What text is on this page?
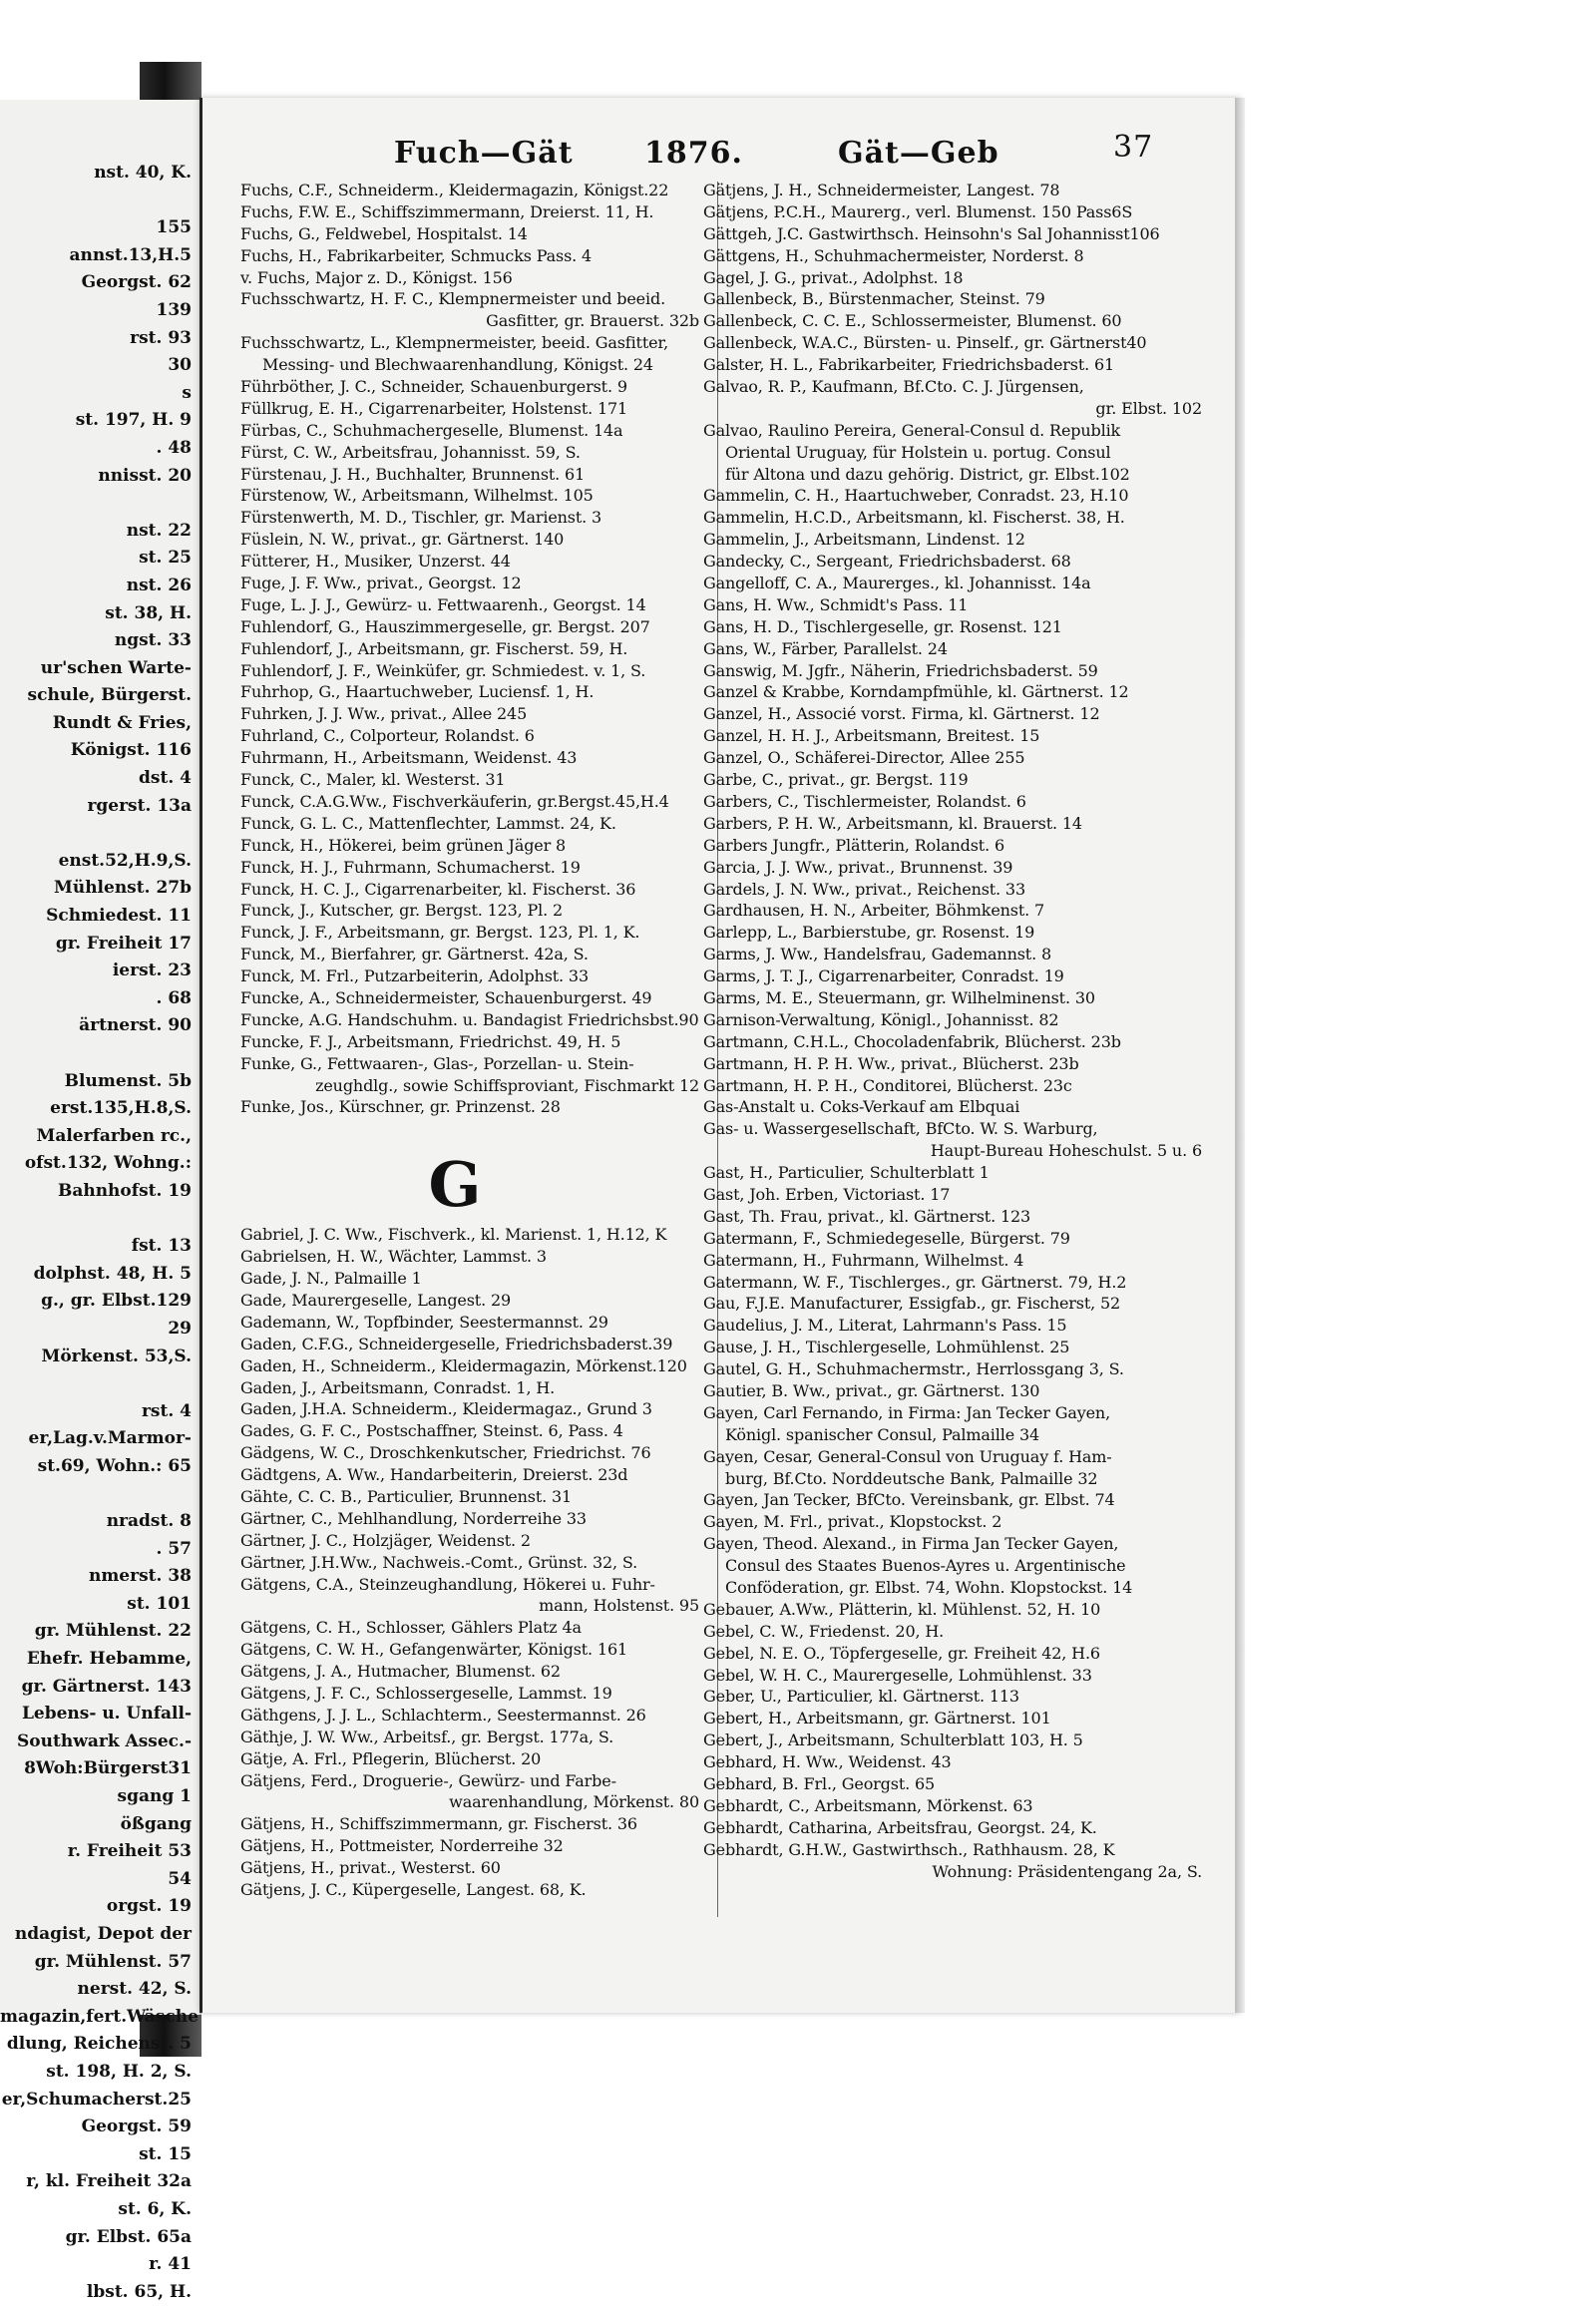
nst. 40, K.
155
annst.13,H.5
Georgst. 62
139
rst. 93
30
s
st. 197, H. 9
. 48
nnisst. 20
nst. 22
st. 25
nst. 26
st. 38, H.
ngst. 33
ur'schen Warte-
schule, Bürgerst.
Rundt & Fries,
Königst. 116
dst. 4
rgerst. 13a
enst.52,H.9,S.
Mühlenst. 27b
Schmiedest. 11
gr. Freiheit 17
ierst. 23
. 68
ärtnerst. 90
Blumenst. 5b
erst.135,H.8,S.
Malerfarben rc.,
ofst.132, Wohng.:
Bahnhofst. 19
fst. 13
dolphst. 48, H. 5
g., gr. Elbst.129
29
Mörkenst. 53,S.
rst. 4
er,Lag.v.Marmor-
st.69, Wohn.: 65
nradst. 8
. 57
nmerst. 38
st. 101
gr. Mühlenst. 22
Ehefr. Hebamme,
gr. Gärtnerst. 143
Lebens- u. Unfall-
Southwark Assec.-
8Woh:Bürgerst31
sgang 1
ößgang
r. Freiheit 53
54
orgst. 19
ndagist, Depot der
gr. Mühlenst. 57
nerst. 42, S.
magazin,fert.Wäsche
dlung, Reichenst. 5
st. 198, H. 2, S.
er,Schumacherst.25
Georgst. 59
st. 15
r, kl. Freiheit 32a
st. 6, K.
gr. Elbst. 65a
r. 41
lbst. 65, H.
Fuch—Gät 1876.	Gät—Geb	37
Fuchs, C.F., Schneiderm., Kleidermagazin, Königst.22
Fuchs, F.W. E., Schiffszimmermann, Dreierst. 11, H.
Fuchs, G., Feldwebel, Hospitalst. 14
Fuchs, H., Fabrikarbeiter, Schmucks Pass. 4
v. Fuchs, Major z. D., Königst. 156
Fuchsschwartz, H. F. C., Klempnermeister und beeid.
Gasfitter, gr. Brauerst. 32b
Fuchsschwartz, L., Klempnermeister, beeid. Gasfitter,
Messing- und Blechwaarenhandlung, Königst. 24
Führböther, J. C., Schneider, Schauenburgerst. 9
Füllkrug, E. H., Cigarrenarbeiter, Holstenst. 171
Fürbas, C., Schuhmachergeselle, Blumenst. 14a
Fürst, C. W., Arbeitsfrau, Johannisst. 59, S.
Fürstenau, J. H., Buchhalter, Brunnenst. 61
Fürstenow, W., Arbeitsmann, Wilhelmst. 105
Fürstenwerth, M. D., Tischler, gr. Marienst. 3
Füslein, N. W., privat., gr. Gärtnerst. 140
Fütterer, H., Musiker, Unzerst. 44
Fuge, J. F. Ww., privat., Georgst. 12
Fuge, L. J. J., Gewürz- u. Fettwaarenh., Georgst. 14
Fuhlendorf, G., Hauszimmergeselle, gr. Bergst. 207
Fuhlendorf, J., Arbeitsmann, gr. Fischerst. 59, H.
Fuhlendorf, J. F., Weinküfer, gr. Schmiedest. v. 1, S.
Fuhrhop, G., Haartuchweber, Luciensf. 1, H.
Fuhrken, J. J. Ww., privat., Allee 245
Fuhrland, C., Colporteur, Rolandst. 6
Fuhrmann, H., Arbeitsmann, Weidenst. 43
Funck, C., Maler, kl. Westerst. 31
Funck, C.A.G.Ww., Fischverkäuferin, gr.Bergst.45,H.4
Funck, G. L. C., Mattenflechter, Lammst. 24, K.
Funck, H., Hökerei, beim grünen Jäger 8
Funck, H. J., Fuhrmann, Schumacherst. 19
Funck, H. C. J., Cigarrenarbeiter, kl. Fischerst. 36
Funck, J., Kutscher, gr. Bergst. 123, Pl. 2
Funck, J. F., Arbeitsmann, gr. Bergst. 123, Pl. 1, K.
Funck, M., Bierfahrer, gr. Gärtnerst. 42a, S.
Funck, M. Frl., Putzarbeiterin, Adolphst. 33
Funcke, A., Schneidermeister, Schauenburgerst. 49
Funcke, A.G. Handschuhm. u. Bandagist Friedrichsbst.90
Funcke, F. J., Arbeitsmann, Friedrichst. 49, H. 5
Funke, G., Fettwaaren-, Glas-, Porzellan- u. Stein-
zeughdlg., sowie Schiffsproviant, Fischmarkt 12
Funke, Jos., Kürschner, gr. Prinzenst. 28
G
Gabriel, J. C. Ww., Fischverk., kl. Marienst. 1, H.12, K
Gabrielsen, H. W., Wächter, Lammst. 3
Gade, J. N., Palmaille 1
Gade, Maurergeselle, Langest. 29
Gademann, W., Topfbinder, Seestermannst. 29
Gaden, C.F.G., Schneidergeselle, Friedrichsbaderst.39
Gaden, H., Schneiderm., Kleidermagazin, Mörkenst.120
Gaden, J., Arbeitsmann, Conradst. 1, H.
Gaden, J.H.A. Schneiderm., Kleidermagaz., Grund 3
Gades, G. F. C., Postschaffner, Steinst. 6, Pass. 4
Gädgens, W. C., Droschkenkutscher, Friedrichst. 76
Gädtgens, A. Ww., Handarbeiterin, Dreierst. 23d
Gähte, C. C. B., Particulier, Brunnenst. 31
Gärtner, C., Mehlhandlung, Norderreihe 33
Gärtner, J. C., Holzjäger, Weidenst. 2
Gärtner, J.H.Ww., Nachweis.-Comt., Grünst. 32, S.
Gätgens, C.A., Steinzeughandlung, Hökerei u. Fuhr-
mann, Holstenst. 95
Gätgens, C. H., Schlosser, Gählers Platz 4a
Gätgens, C. W. H., Gefangenwärter, Königst. 161
Gätgens, J. A., Hutmacher, Blumenst. 62
Gätgens, J. F. C., Schlossergeselle, Lammst. 19
Gäthgens, J. J. L., Schlachterm., Seestermannst. 26
Gäthje, J. W. Ww., Arbeitsf., gr. Bergst. 177a, S.
Gätje, A. Frl., Pflegerin, Blücherst. 20
Gätjens, Ferd., Droguerie-, Gewürz- und Farbe-
waarenhandlung, Mörkenst. 80
Gätjens, H., Schiffszimmermann, gr. Fischerst. 36
Gätjens, H., Pottmeister, Norderreihe 32
Gätjens, H., privat., Westerst. 60
Gätjens, J. C., Küpergeselle, Langest. 68, K.
Gätjens, J. H., Schneidermeister, Langest. 78
Gätjens, P.C.H., Maurerg., verl. Blumenst. 150 Pass6S
Gättgeh, J.C. Gastwirthsch. Heinsohn's Sal Johannisst106
Gättgens, H., Schuhmachermeister, Norderst. 8
Gagel, J. G., privat., Adolphst. 18
Gallenbeck, B., Bürstenmacher, Steinst. 79
Gallenbeck, C. C. E., Schlossermeister, Blumenst. 60
Gallenbeck, W.A.C., Bürsten- u. Pinself., gr. Gärtnerst40
Galster, H. L., Fabrikarbeiter, Friedrichsbaderst. 61
Galvao, R. P., Kaufmann, Bf.Cto. C. J. Jürgensen,
gr. Elbst. 102
Galvao, Raulino Pereira, General-Consul d. Republik
Oriental Uruguay, für Holstein u. portug. Consul
für Altona und dazu gehörig. District, gr. Elbst.102
Gammelin, C. H., Haartuchweber, Conradst. 23, H.10
Gammelin, H.C.D., Arbeitsmann, kl. Fischerst. 38, H.
Gammelin, J., Arbeitsmann, Lindenst. 12
Gandecky, C., Sergeant, Friedrichsbaderst. 68
Gangelloff, C. A., Maurerges., kl. Johannisst. 14a
Gans, H. Ww., Schmidt's Pass. 11
Gans, H. D., Tischlergeselle, gr. Rosenst. 121
Gans, W., Färber, Parallelst. 24
Ganswig, M. Jgfr., Näherin, Friedrichsbaderst. 59
Ganzel & Krabbe, Korndampfmühle, kl. Gärtnerst. 12
Ganzel, H., Associé vorst. Firma, kl. Gärtnerst. 12
Ganzel, H. H. J., Arbeitsmann, Breitest. 15
Ganzel, O., Schäferei-Director, Allee 255
Garbe, C., privat., gr. Bergst. 119
Garbers, C., Tischlermeister, Rolandst. 6
Garbers, P. H. W., Arbeitsmann, kl. Brauerst. 14
Garbers Jungfr., Plätterin, Rolandst. 6
Garcia, J. J. Ww., privat., Brunnenst. 39
Gardels, J. N. Ww., privat., Reichenst. 33
Gardhausen, H. N., Arbeiter, Böhmkenst. 7
Garlepp, L., Barbierstube, gr. Rosenst. 19
Garms, J. Ww., Handelsfrau, Gademannst. 8
Garms, J. T. J., Cigarrenarbeiter, Conradst. 19
Garms, M. E., Steuermann, gr. Wilhelminenst. 30
Garnison-Verwaltung, Königl., Johannisst. 82
Gartmann, C.H.L., Chocoladenfabrik, Blücherst. 23b
Gartmann, H. P. H. Ww., privat., Blücherst. 23b
Gartmann, H. P. H., Conditorei, Blücherst. 23c
Gas-Anstalt u. Coks-Verkauf am Elbquai
Gas- u. Wassergesellschaft, BfCto. W. S. Warburg,
Haupt-Bureau Hoheschulst. 5 u. 6
Gast, H., Particulier, Schulterblatt 1
Gast, Joh. Erben, Victoriast. 17
Gast, Th. Frau, privat., kl. Gärtnerst. 123
Gatermann, F., Schmiedegeselle, Bürgerst. 79
Gatermann, H., Fuhrmann, Wilhelmst. 4
Gatermann, W. F., Tischlerges., gr. Gärtnerst. 79, H.2
Gau, F.J.E. Manufacturer, Essigfab., gr. Fischerst, 52
Gaudelius, J. M., Literat, Lahrmann's Pass. 15
Gause, J. H., Tischlergeselle, Lohmühlenst. 25
Gautel, G. H., Schuhmachermstr., Herrlossgang 3, S.
Gautier, B. Ww., privat., gr. Gärtnerst. 130
Gayen, Carl Fernando, in Firma: Jan Tecker Gayen,
Königl. spanischer Consul, Palmaille 34
Gayen, Cesar, General-Consul von Uruguay f. Ham-
burg, Bf.Cto. Norddeutsche Bank, Palmaille 32
Gayen, Jan Tecker, BfCto. Vereinsbank, gr. Elbst. 74
Gayen, M. Frl., privat., Klopstockst. 2
Gayen, Theod. Alexand., in Firma Jan Tecker Gayen,
Consul des Staates Buenos-Ayres u. Argentinische
Conföderation, gr. Elbst. 74, Wohn. Klopstockst. 14
Gebauer, A.Ww., Plätterin, kl. Mühlenst. 52, H. 10
Gebel, C. W., Friedenst. 20, H.
Gebel, N. E. O., Töpfergeselle, gr. Freiheit 42, H.6
Gebel, W. H. C., Maurergeselle, Lohmühlenst. 33
Geber, U., Particulier, kl. Gärtnerst. 113
Gebert, H., Arbeitsmann, gr. Gärtnerst. 101
Gebert, J., Arbeitsmann, Schulterblatt 103, H. 5
Gebhard, H. Ww., Weidenst. 43
Gebhard, B. Frl., Georgst. 65
Gebhardt, C., Arbeitsmann, Mörkenst. 63
Gebhardt, Catharina, Arbeitsfrau, Georgst. 24, K.
Gebhardt, G.H.W., Gastwirthsch., Rathhausm. 28, K
Wohnung: Präsidentengang 2a, S.
